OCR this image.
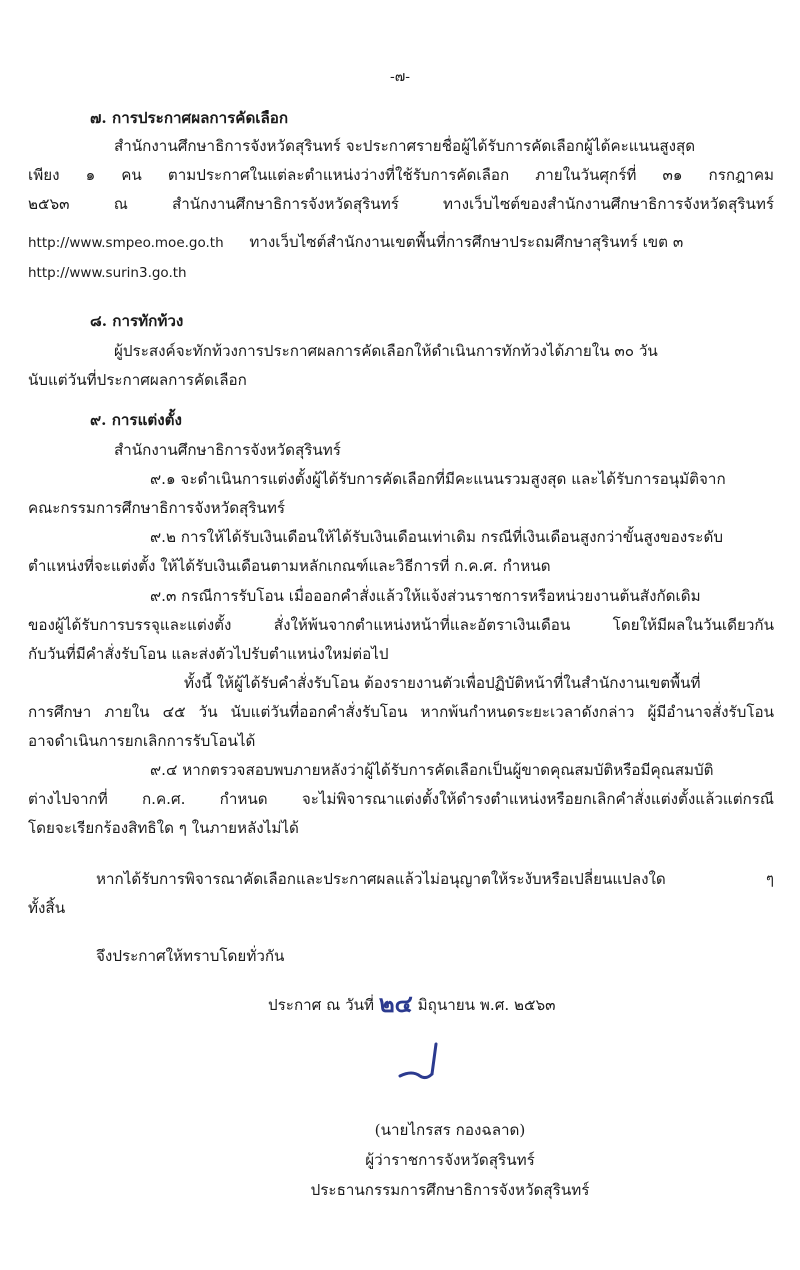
-๗-
๗. การประกาศผลการคัดเลือก
สำนักงานศึกษาธิการจังหวัดสุรินทร์ จะประกาศรายชื่อผู้ได้รับการคัดเลือกผู้ได้คะแนนสูงสุด
เพียง ๑ คน ตามประกาศในแต่ละตำแหน่งว่างที่ใช้รับการคัดเลือก ภายในวันศุกร์ที่ ๓๑ กรกฎาคม
๒๕๖๓ ณ สำนักงานศึกษาธิการจังหวัดสุรินทร์ ทางเว็บไซต์ของสำนักงานศึกษาธิการจังหวัดสุรินทร์
http://www.smpeo.moe.go.th ทางเว็บไซต์สำนักงานเขตพื้นที่การศึกษาประถมศึกษาสุรินทร์ เขต ๓
http://www.surin3.go.th
๘. การทักท้วง
ผู้ประสงค์จะทักท้วงการประกาศผลการคัดเลือกให้ดำเนินการทักท้วงได้ภายใน ๓๐ วัน
นับแต่วันที่ประกาศผลการคัดเลือก
๙. การแต่งตั้ง
สำนักงานศึกษาธิการจังหวัดสุรินทร์
๙.๑ จะดำเนินการแต่งตั้งผู้ได้รับการคัดเลือกที่มีคะแนนรวมสูงสุด และได้รับการอนุมัติจาก
คณะกรรมการศึกษาธิการจังหวัดสุรินทร์
๙.๒ การให้ได้รับเงินเดือนให้ได้รับเงินเดือนเท่าเดิม กรณีที่เงินเดือนสูงกว่าขั้นสูงของระดับ
ตำแหน่งที่จะแต่งตั้ง ให้ได้รับเงินเดือนตามหลักเกณฑ์และวิธีการที่ ก.ค.ศ. กำหนด
๙.๓ กรณีการรับโอน เมื่อออกคำสั่งแล้วให้แจ้งส่วนราชการหรือหน่วยงานต้นสังกัดเดิม
ของผู้ได้รับการบรรจุและแต่งตั้ง สั่งให้พ้นจากตำแหน่งหน้าที่และอัตราเงินเดือน โดยให้มีผลในวันเดียวกัน
กับวันที่มีคำสั่งรับโอน และส่งตัวไปรับตำแหน่งใหม่ต่อไป
ทั้งนี้ ให้ผู้ได้รับคำสั่งรับโอน ต้องรายงานตัวเพื่อปฏิบัติหน้าที่ในสำนักงานเขตพื้นที่
การศึกษา ภายใน ๔๕ วัน นับแต่วันที่ออกคำสั่งรับโอน หากพ้นกำหนดระยะเวลาดังกล่าว ผู้มีอำนาจสั่งรับโอน
อาจดำเนินการยกเลิกการรับโอนได้
๙.๔ หากตรวจสอบพบภายหลังว่าผู้ได้รับการคัดเลือกเป็นผู้ขาดคุณสมบัติหรือมีคุณสมบัติ
ต่างไปจากที่ ก.ค.ศ. กำหนด จะไม่พิจารณาแต่งตั้งให้ดำรงตำแหน่งหรือยกเลิกคำสั่งแต่งตั้งแล้วแต่กรณี
โดยจะเรียกร้องสิทธิใด ๆ ในภายหลังไม่ได้
หากได้รับการพิจารณาคัดเลือกและประกาศผลแล้วไม่อนุญาตให้ระงับหรือเปลี่ยนแปลงใด ๆ
ทั้งสิ้น
จึงประกาศให้ทราบโดยทั่วกัน
ประกาศ ณ วันที่ ๒๔ มิถุนายน พ.ศ. ๒๕๖๓
(นายไกรสร กองฉลาด)
ผู้ว่าราชการจังหวัดสุรินทร์
ประธานกรรมการศึกษาธิการจังหวัดสุรินทร์
